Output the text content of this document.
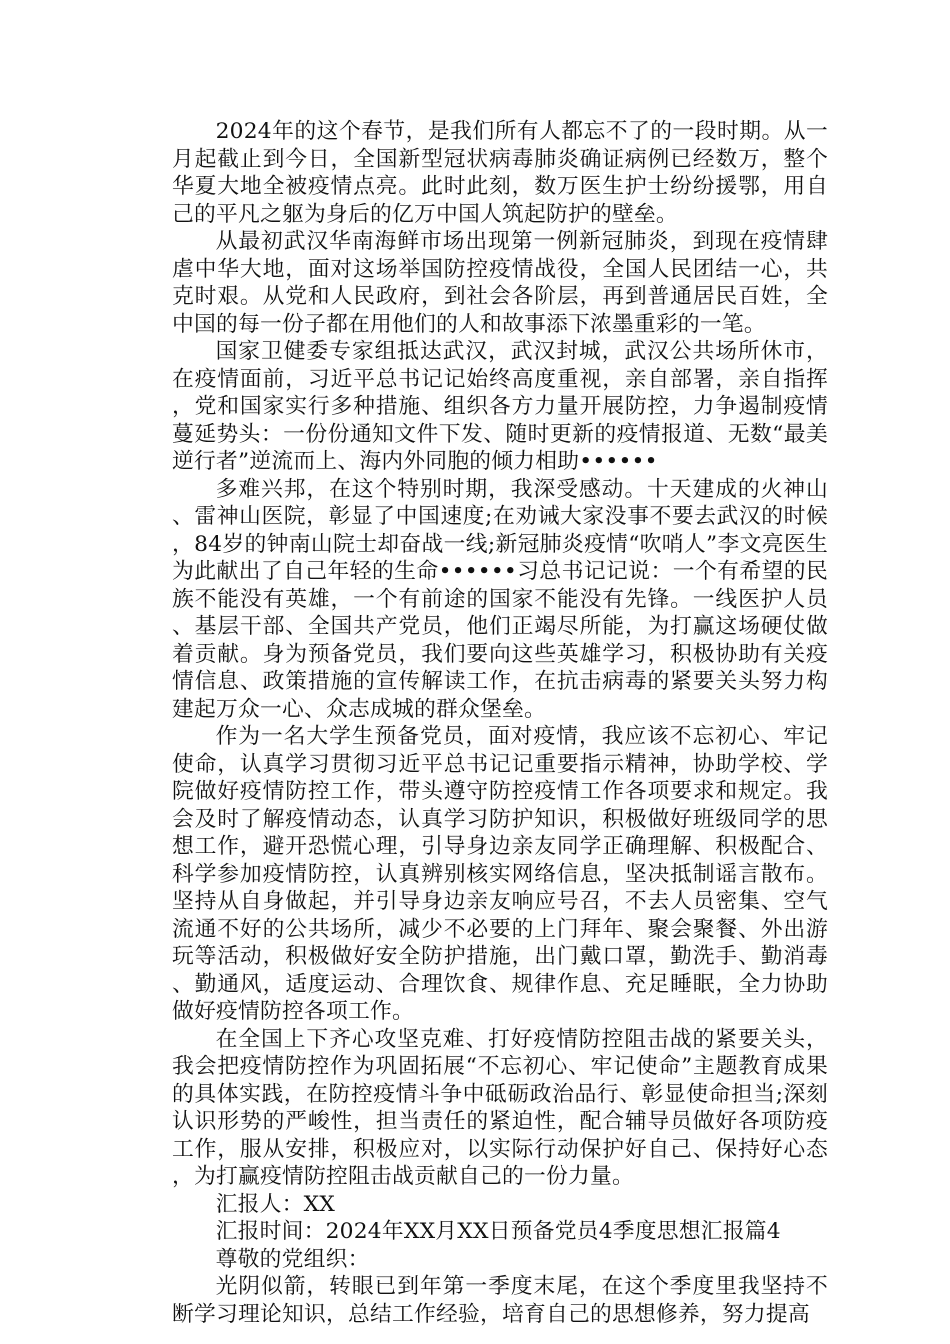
2024年的这个春节，是我们所有人都忘不了的一段时期。从一月起截止到今日，全国新型冠状病毒肺炎确证病例已经数万，整个华夏大地全被疫情点亮。此时此刻，数万医生护士纷纷援鄂，用自己的平凡之躯为身后的亿万中国人筑起防护的壁垒。

从最初武汉华南海鲜市场出现第一例新冠肺炎，到现在疫情肆虐中华大地，面对这场举国防控疫情战役，全国人民团结一心，共克时艰。从党和人民政府，到社会各阶层，再到普通居民百姓，全中国的每一份子都在用他们的人和故事添下浓墨重彩的一笔。

国家卫健委专家组抵达武汉，武汉封城，武汉公共场所休市，在疫情面前，习近平总书记记始终高度重视，亲自部署，亲自指挥，党和国家实行多种措施、组织各方力量开展防控，力争遏制疫情蔓延势头：一份份通知文件下发、随时更新的疫情报道、无数“最美逆行者”逆流而上、海内外同胞的倾力相助••••••

多难兴邦，在这个特别时期，我深受感动。十天建成的火神山、雷神山医院，彰显了中国速度;在劝诫大家没事不要去武汉的时候，84岁的钟南山院士却奋战一线;新冠肺炎疫情“吹哨人”李文亮医生为此献出了自己年轻的生命••••••习总书记记说：一个有希望的民族不能没有英雄，一个有前途的国家不能没有先锋。一线医护人员、基层干部、全国共产党员，他们正竭尽所能，为打赢这场硬仗做着贡献。身为预备党员，我们要向这些英雄学习，积极协助有关疫情信息、政策措施的宣传解读工作，在抗击病毒的紧要关头努力构建起万众一心、众志成城的群众堡垒。

作为一名大学生预备党员，面对疫情，我应该不忘初心、牢记使命，认真学习贯彻习近平总书记记重要指示精神，协助学校、学院做好疫情防控工作，带头遵守防控疫情工作各项要求和规定。我会及时了解疫情动态，认真学习防护知识，积极做好班级同学的思想工作，避开恐慌心理，引导身边亲友同学正确理解、积极配合、科学参加疫情防控，认真辨别核实网络信息，坚决抵制谣言散布。坚持从自身做起，并引导身边亲友响应号召，不去人员密集、空气流通不好的公共场所，减少不必要的上门拜年、聚会聚餐、外出游玩等活动，积极做好安全防护措施，出门戴口罩，勤洗手、勤消毒、勤通风，适度运动、合理饮食、规律作息、充足睡眠，全力协助做好疫情防控各项工作。

在全国上下齐心攻坚克难、打好疫情防控阻击战的紧要关头，我会把疫情防控作为巩固拓展“不忘初心、牢记使命”主题教育成果的具体实践，在防控疫情斗争中砥砺政治品行、彰显使命担当;深刻认识形势的严峻性，担当责任的紧迫性，配合辅导员做好各项防疫工作，服从安排，积极应对，以实际行动保护好自己、保持好心态，为打赢疫情防控阻击战贡献自己的一份力量。

汇报人：XX

汇报时间：2024年XX月XX日预备党员4季度思想汇报篇4

尊敬的党组织：

光阴似箭，转眼已到年第一季度末尾，在这个季度里我坚持不断学习理论知识，总结工作经验，培育自己的思想修养，努力提高
